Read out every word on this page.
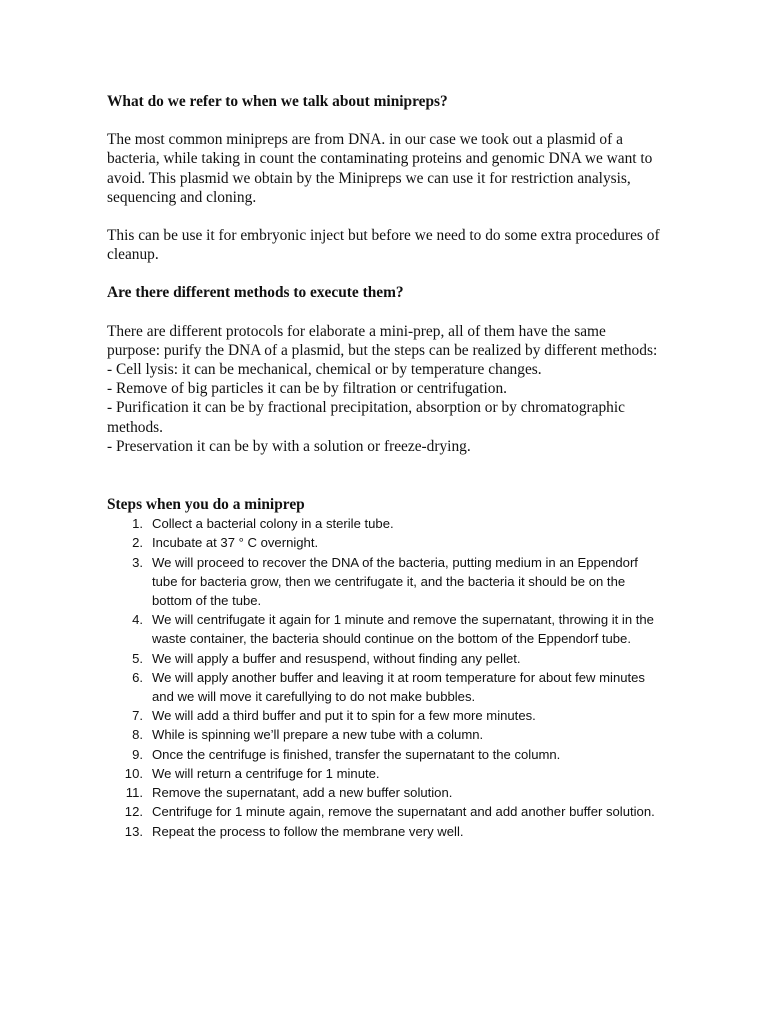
What do we refer to when we talk about minipreps?

The most common minipreps are from DNA. in our case we took out a plasmid of a bacteria, while taking in count the contaminating proteins and genomic DNA we want to avoid. This plasmid we obtain by the Minipreps we can use it for restriction analysis, sequencing and cloning.

This can be use it for embryonic inject but before we need to do some extra procedures of cleanup.

Are there different methods to execute them?

There are different protocols for elaborate a mini-prep, all of them have the same purpose: purify the DNA of a plasmid, but the steps can be realized by different methods:

- Cell lysis: it can be mechanical, chemical or by temperature changes.

- Remove of big particles it can be by filtration or centrifugation.

- Purification it can be by fractional precipitation, absorption or by chromatographic methods.

- Preservation it can be by with a solution or freeze-drying.

Steps when you do a miniprep

1. Collect a bacterial colony in a sterile tube.
2. Incubate at 37 ° C overnight.
3. We will proceed to recover the DNA of the bacteria, putting medium in an Eppendorf tube for bacteria grow, then we centrifugate it, and the bacteria it should be on the bottom of the tube.
4. We will centrifugate it again for 1 minute and remove the supernatant, throwing it in the waste container, the bacteria should continue on the bottom of the Eppendorf tube.
5. We will apply a buffer and resuspend, without finding any pellet.
6. We will apply another buffer and leaving it at room temperature for about few minutes and we will move it carefullying to do not make bubbles.
7. We will add a third buffer and put it to spin for a few more minutes.
8. While is spinning we’ll prepare a new tube with a column.
9. Once the centrifuge is finished, transfer the supernatant to the column.
10. We will return a centrifuge for 1 minute.
11. Remove the supernatant, add a new buffer solution.
12. Centrifuge for 1 minute again, remove the supernatant and add another buffer solution.
13. Repeat the process to follow the membrane very well.
